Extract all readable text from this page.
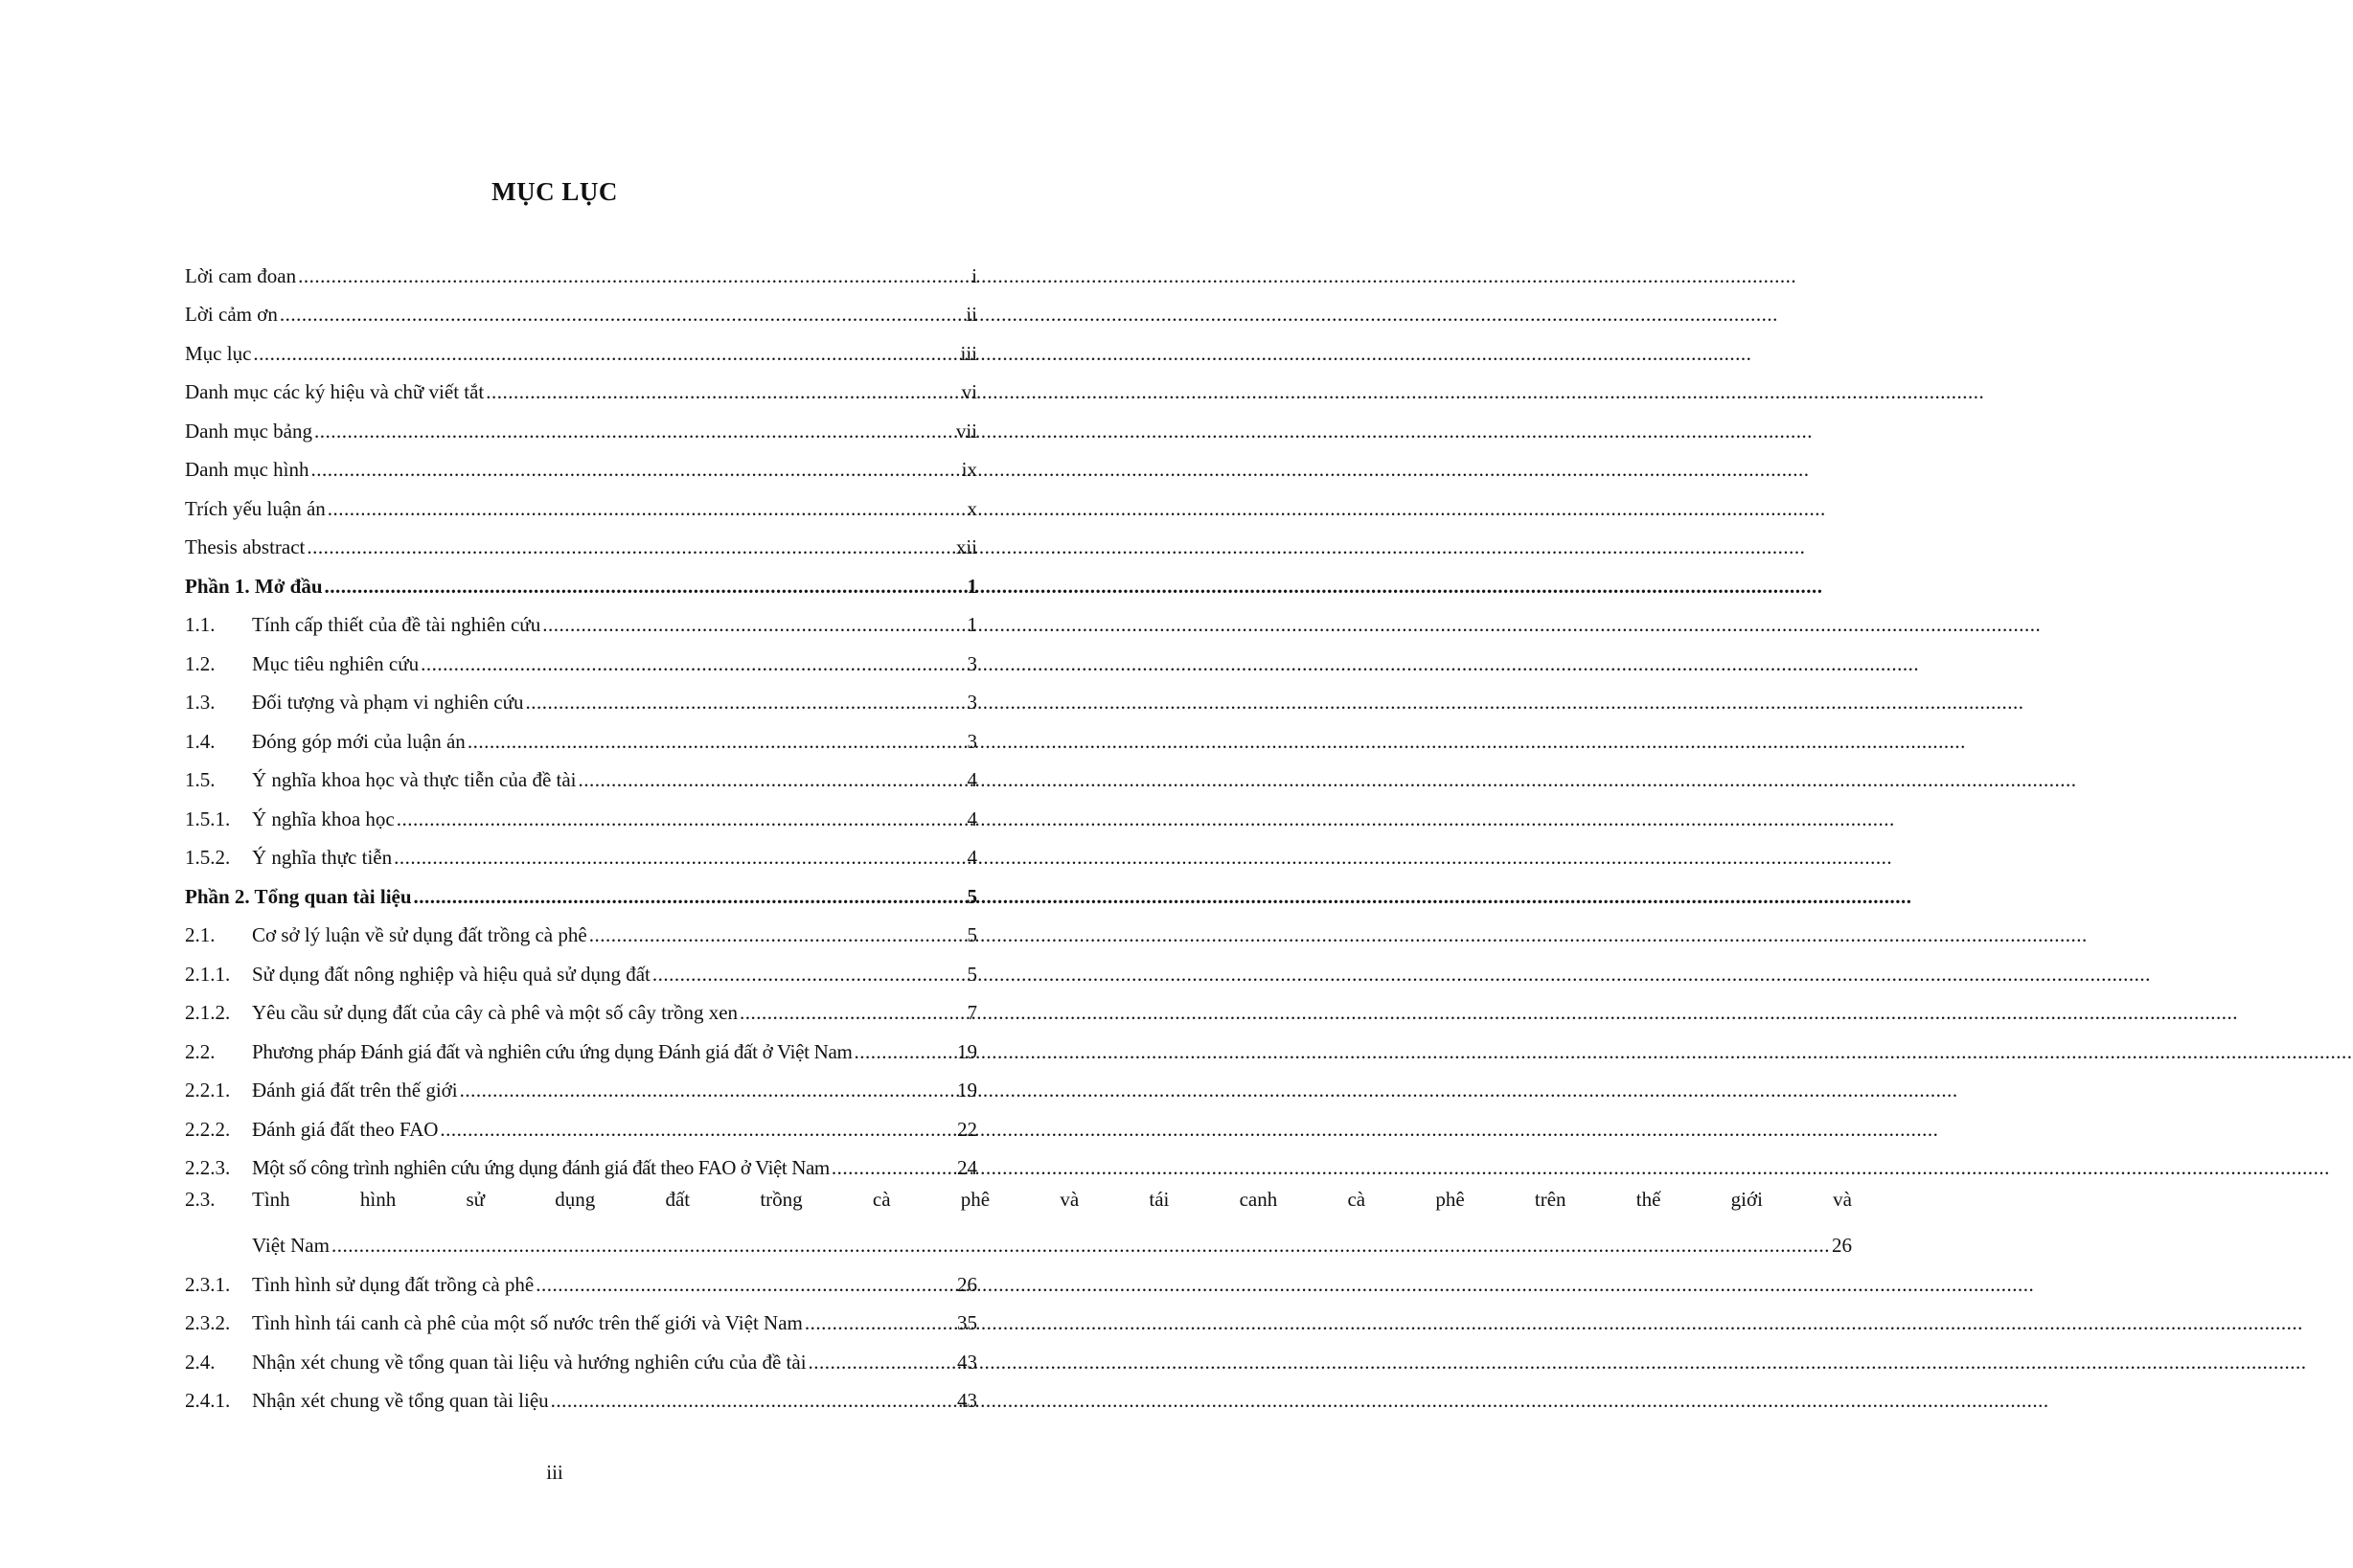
MỤC LỤC
Lời cam đoan .....	i
Lời cảm ơn .....	ii
Mục lục .....	iii
Danh mục các ký hiệu và chữ viết tắt .....	vi
Danh mục bảng .....	vii
Danh mục hình .....	ix
Trích yếu luận án .....	x
Thesis abstract .....	xii
Phần 1. Mở đầu .....	1
1.1.	Tính cấp thiết của đề tài nghiên cứu .....	1
1.2.	Mục tiêu nghiên cứu .....	3
1.3.	Đối tượng và phạm vi nghiên cứu .....	3
1.4.	Đóng góp mới của luận án .....	3
1.5.	Ý nghĩa khoa học và thực tiễn của đề tài .....	4
1.5.1.	Ý nghĩa khoa học .....	4
1.5.2.	Ý nghĩa thực tiễn .....	4
Phần 2. Tổng quan tài liệu .....	5
2.1.	Cơ sở lý luận về sử dụng đất trồng cà phê .....	5
2.1.1.	Sử dụng đất nông nghiệp và hiệu quả sử dụng đất .....	5
2.1.2.	Yêu cầu sử dụng đất của cây cà phê và một số cây trồng xen .....	7
2.2.	Phương pháp Đánh giá đất và nghiên cứu ứng dụng Đánh giá đất ở Việt Nam .....	19
2.2.1.	Đánh giá đất trên thế giới .....	19
2.2.2.	Đánh giá đất theo FAO .....	22
2.2.3.	Một số công trình nghiên cứu ứng dụng đánh giá đất theo FAO ở Việt Nam .....	24
2.3.	Tình hình sử dụng đất trồng cà phê và tái canh cà phê trên thế giới và
Việt Nam .....	26
2.3.1.	Tình hình sử dụng đất trồng cà phê .....	26
2.3.2.	Tình hình tái canh cà phê của một số nước trên thế giới và Việt Nam .....	35
2.4.	Nhận xét chung về tổng quan tài liệu và hướng nghiên cứu của đề tài .....	43
2.4.1.	Nhận xét chung về tổng quan tài liệu .....	43
iii
